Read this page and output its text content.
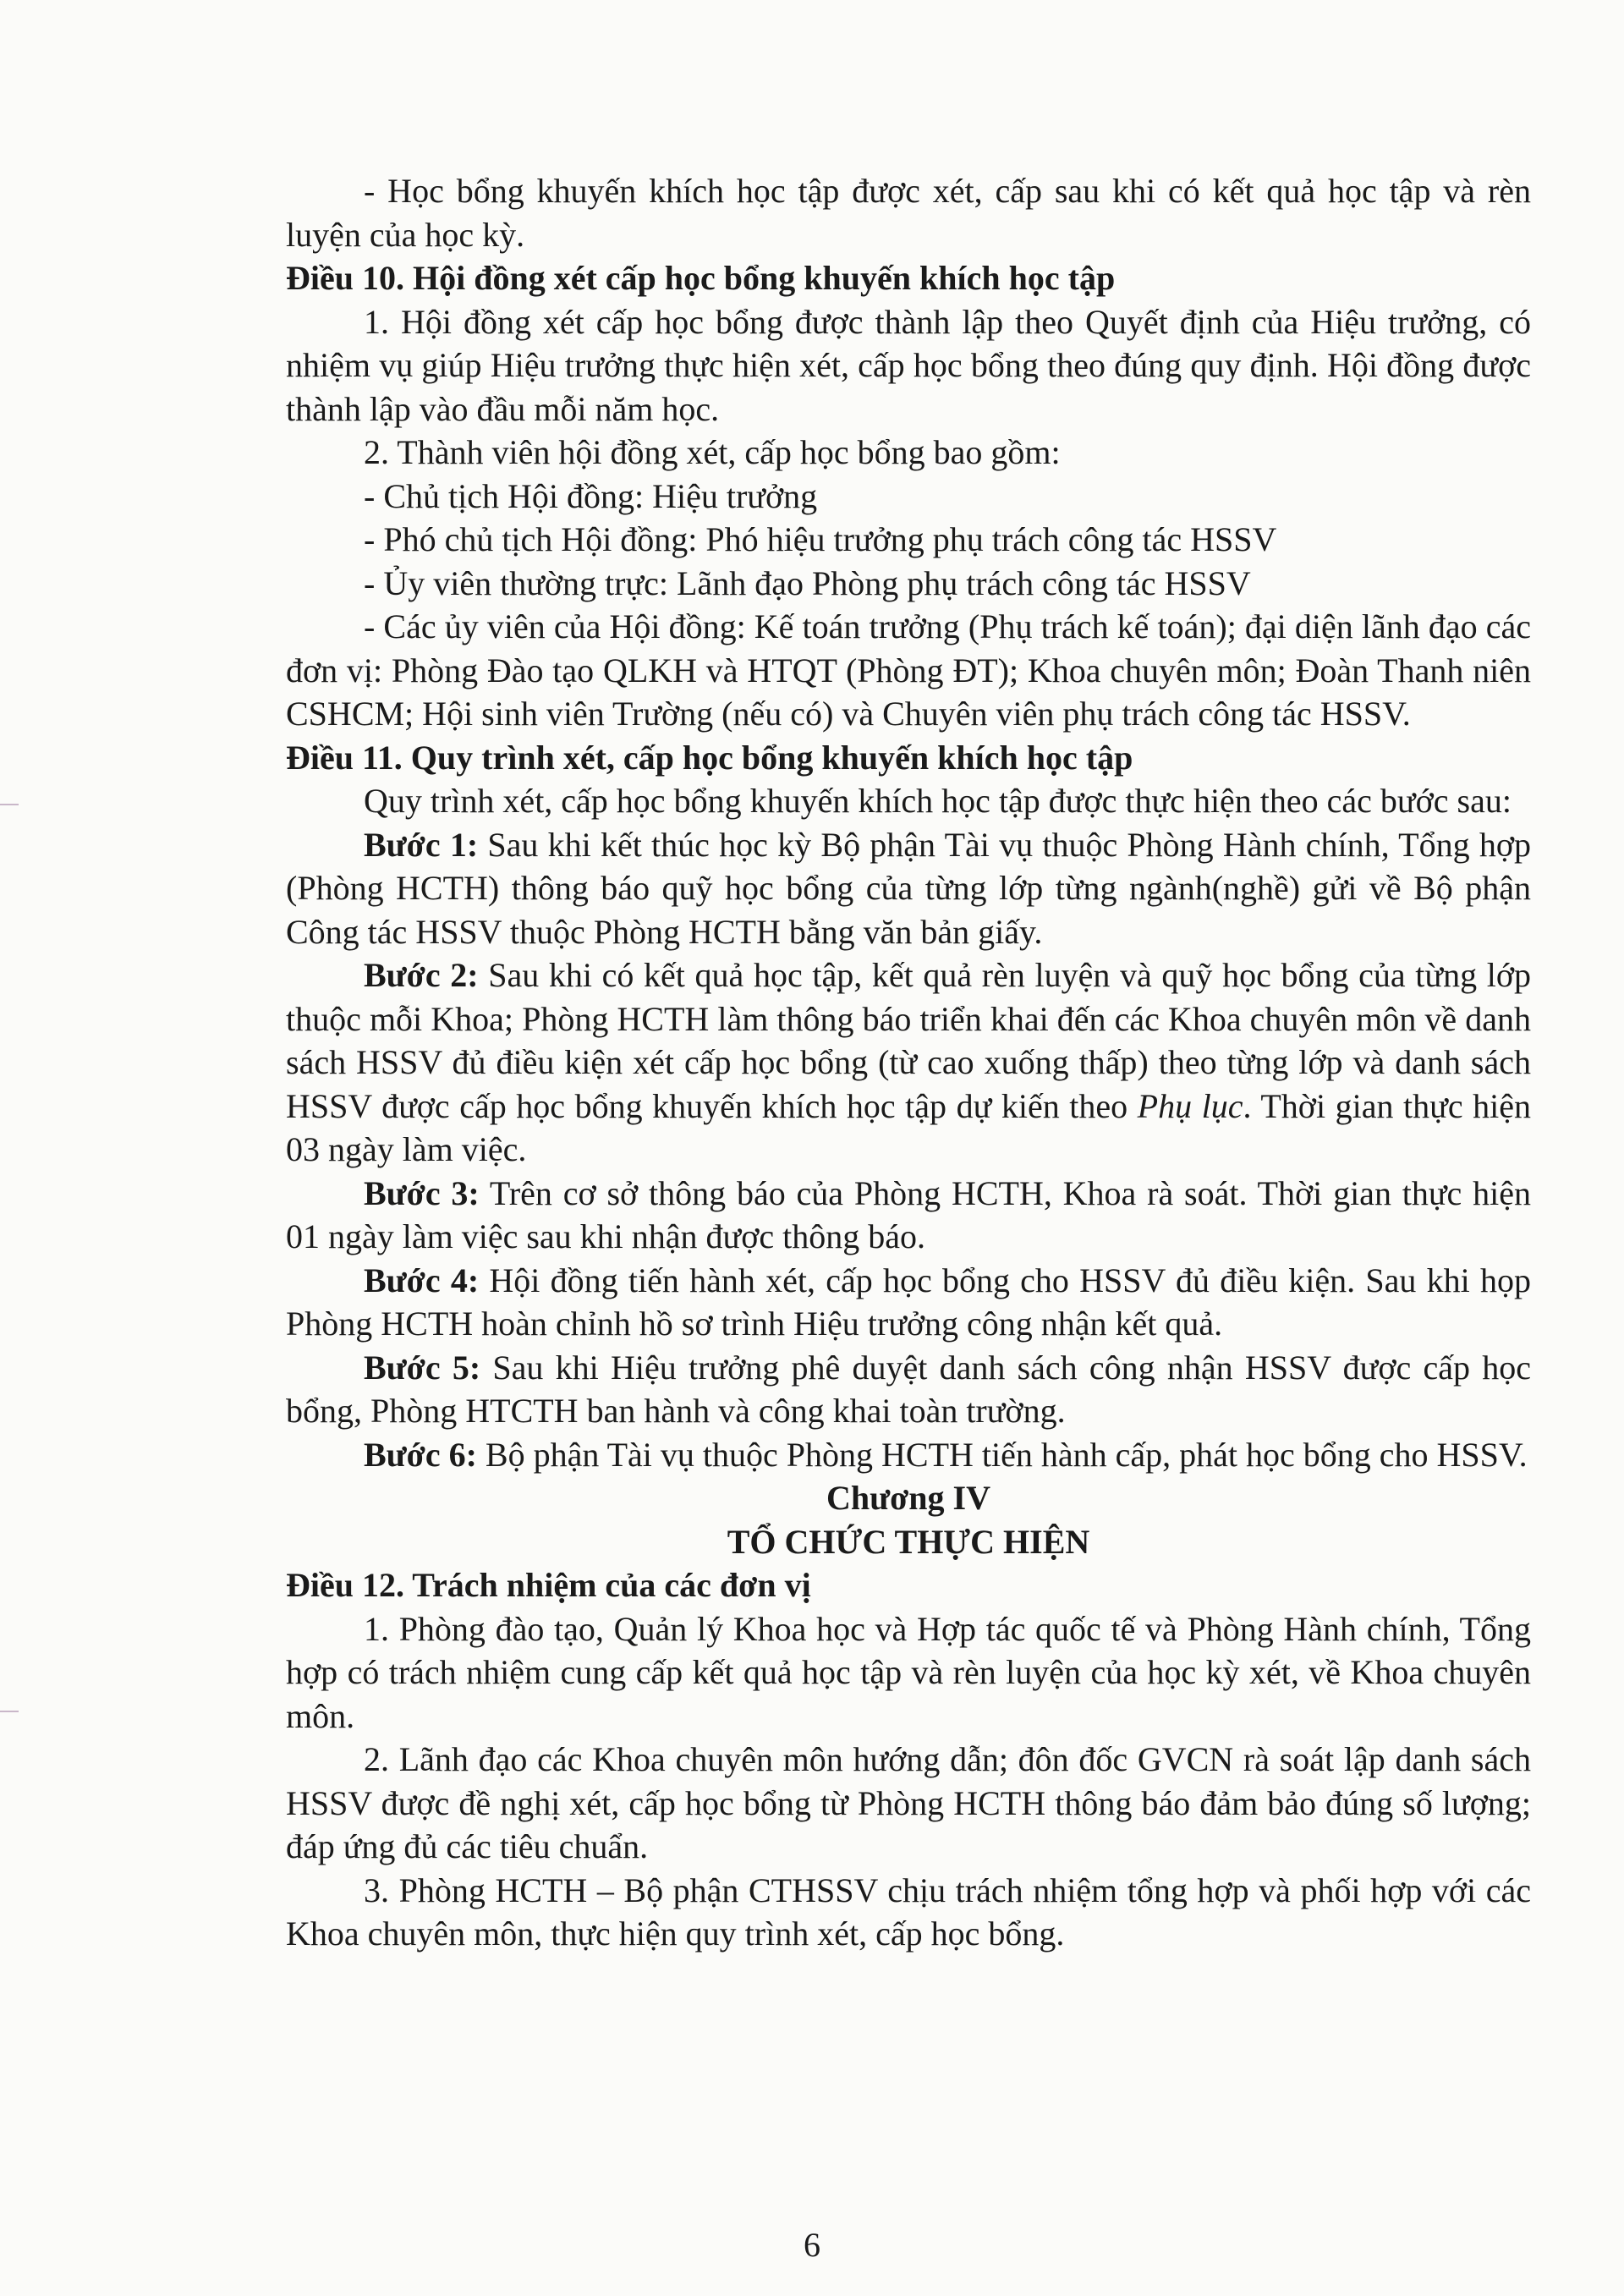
- Học bổng khuyến khích học tập được xét, cấp sau khi có kết quả học tập và rèn luyện của học kỳ.

Điều 10. Hội đồng xét cấp học bổng khuyến khích học tập

1. Hội đồng xét cấp học bổng được thành lập theo Quyết định của Hiệu trưởng, có nhiệm vụ giúp Hiệu trưởng thực hiện xét, cấp học bổng theo đúng quy định. Hội đồng được thành lập vào đầu mỗi năm học.

2. Thành viên hội đồng xét, cấp học bổng bao gồm:

- Chủ tịch Hội đồng: Hiệu trưởng

- Phó chủ tịch Hội đồng: Phó hiệu trưởng phụ trách công tác HSSV

- Ủy viên thường trực: Lãnh đạo Phòng phụ trách công tác HSSV

- Các ủy viên của Hội đồng: Kế toán trưởng (Phụ trách kế toán); đại diện lãnh đạo các đơn vị: Phòng Đào tạo QLKH và HTQT (Phòng ĐT); Khoa chuyên môn; Đoàn Thanh niên CSHCM; Hội sinh viên Trường (nếu có) và Chuyên viên phụ trách công tác HSSV.

Điều 11. Quy trình xét, cấp học bổng khuyến khích học tập

Quy trình xét, cấp học bổng khuyến khích học tập được thực hiện theo các bước sau:

Bước 1: Sau khi kết thúc học kỳ Bộ phận Tài vụ thuộc Phòng Hành chính, Tổng hợp (Phòng HCTH) thông báo quỹ học bổng của từng lớp từng ngành(nghề) gửi về Bộ phận Công tác HSSV thuộc Phòng HCTH bằng văn bản giấy.

Bước 2: Sau khi có kết quả học tập, kết quả rèn luyện và quỹ học bổng của từng lớp thuộc mỗi Khoa; Phòng HCTH làm thông báo triển khai đến các Khoa chuyên môn về danh sách HSSV đủ điều kiện xét cấp học bổng (từ cao xuống thấp) theo từng lớp và danh sách HSSV được cấp học bổng khuyến khích học tập dự kiến theo Phụ lục. Thời gian thực hiện 03 ngày làm việc.

Bước 3: Trên cơ sở thông báo của Phòng HCTH, Khoa rà soát. Thời gian thực hiện 01 ngày làm việc sau khi nhận được thông báo.

Bước 4: Hội đồng tiến hành xét, cấp học bổng cho HSSV đủ điều kiện. Sau khi họp Phòng HCTH hoàn chỉnh hồ sơ trình Hiệu trưởng công nhận kết quả.

Bước 5: Sau khi Hiệu trưởng phê duyệt danh sách công nhận HSSV được cấp học bổng, Phòng HTCTH ban hành và công khai toàn trường.

Bước 6: Bộ phận Tài vụ thuộc Phòng HCTH tiến hành cấp, phát học bổng cho HSSV.

Chương IV

TỔ CHỨC THỰC HIỆN

Điều 12. Trách nhiệm của các đơn vị

1. Phòng đào tạo, Quản lý Khoa học và Hợp tác quốc tế và Phòng Hành chính, Tổng hợp có trách nhiệm cung cấp kết quả học tập và rèn luyện của học kỳ xét, về Khoa chuyên môn.

2. Lãnh đạo các Khoa chuyên môn hướng dẫn; đôn đốc GVCN rà soát lập danh sách HSSV được đề nghị xét, cấp học bổng từ Phòng HCTH thông báo đảm bảo đúng số lượng; đáp ứng đủ các tiêu chuẩn.

3. Phòng HCTH – Bộ phận CTHSSV chịu trách nhiệm tổng hợp và phối hợp với các Khoa chuyên môn, thực hiện quy trình xét, cấp học bổng.

6
